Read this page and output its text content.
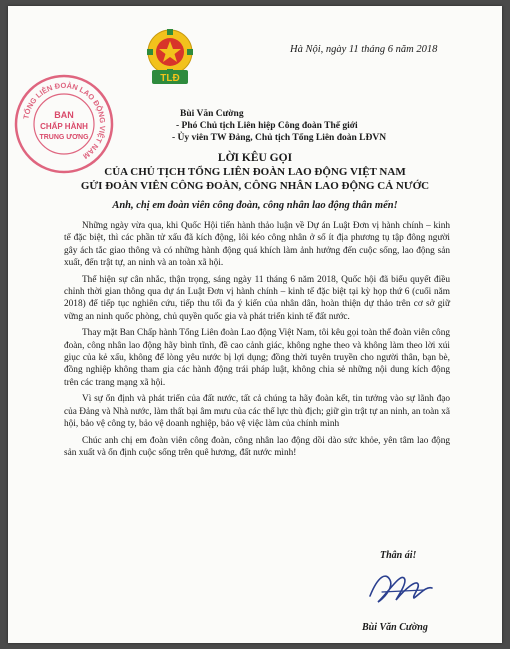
TLĐ
TỔNG LIÊN ĐOÀN LAO ĐỘNG VIỆT NAM
BAN
CHẤP HÀNH
TRUNG ƯƠNG
Hà Nội, ngày 11 tháng 6 năm 2018
Bùi Văn Cường
- Phó Chủ tịch Liên hiệp Công đoàn Thế giới
- Ủy viên TW Đảng, Chủ tịch Tổng Liên đoàn LĐVN
LỜI KÊU GỌI
CỦA CHỦ TỊCH TỔNG LIÊN ĐOÀN LAO ĐỘNG VIỆT NAM
GỬI ĐOÀN VIÊN CÔNG ĐOÀN, CÔNG NHÂN LAO ĐỘNG CẢ NƯỚC
Anh, chị em đoàn viên công đoàn, công nhân lao động thân mến!

Những ngày vừa qua, khi Quốc Hội tiến hành thảo luận về Dự án Luật Đơn vị hành chính – kinh tế đặc biệt, thì các phần tử xấu đã kích động, lôi kéo công nhân ở số ít địa phương tụ tập đông người gây ách tắc giao thông và có những hành động quá khích làm ảnh hưởng đến cuộc sống, lao động sản xuất, đến trật tự, an ninh và an toàn xã hội.

Thể hiện sự cân nhắc, thận trọng, sáng ngày 11 tháng 6 năm 2018, Quốc hội đã biểu quyết điều chỉnh thời gian thông qua dự án Luật Đơn vị hành chính – kinh tế đặc biệt tại kỳ họp thứ 6 (cuối năm 2018) để tiếp tục nghiên cứu, tiếp thu tối đa ý kiến của nhân dân, hoàn thiện dự thảo trên cơ sở giữ vững an ninh quốc phòng, chủ quyền quốc gia và phát triển kinh tế đất nước.

Thay mặt Ban Chấp hành Tổng Liên đoàn Lao động Việt Nam, tôi kêu gọi toàn thể đoàn viên công đoàn, công nhân lao động hãy bình tĩnh, đề cao cảnh giác, không nghe theo và không làm theo lời xúi giục của kẻ xấu, không để lòng yêu nước bị lợi dụng; đồng thời tuyên truyền cho người thân, bạn bè, đồng nghiệp không tham gia các hành động trái pháp luật, không chia sẻ những nội dung kích động trên các trang mạng xã hội.

Vì sự ổn định và phát triển của đất nước, tất cả chúng ta hãy đoàn kết, tin tưởng vào sự lãnh đạo của Đảng và Nhà nước, làm thất bại âm mưu của các thế lực thù địch; giữ gìn trật tự an ninh, an toàn xã hội, bảo vệ công ty, bảo vệ doanh nghiệp, bảo vệ việc làm của chính mình

Chúc anh chị em đoàn viên công đoàn, công nhân lao động dồi dào sức khỏe, yên tâm lao động sản xuất và ổn định cuộc sống trên quê hương, đất nước mình!

Thân ái!
Bùi Văn Cường
